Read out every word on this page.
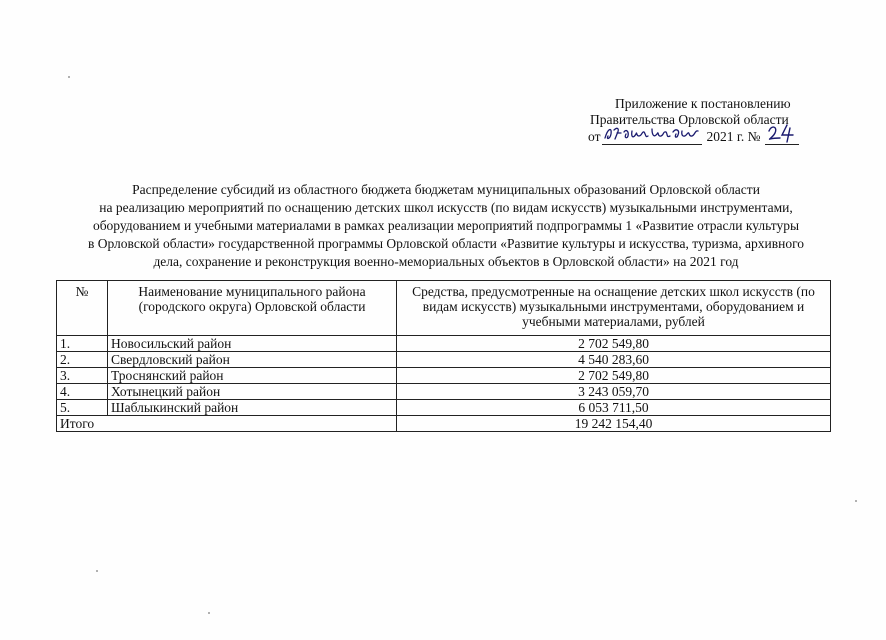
Приложение к постановлению
Правительства Орловской области
от	2021 г. №
Распределение субсидий из областного бюджета бюджетам муниципальных образований Орловской области
на реализацию мероприятий по оснащению детских школ искусств (по видам искусств) музыкальными инструментами,
оборудованием и учебными материалами в рамках реализации мероприятий подпрограммы 1 «Развитие отрасли культуры
в Орловской области» государственной программы Орловской области «Развитие культуры и искусства, туризма, архивного
дела, сохранение и реконструкция военно-мемориальных объектов в Орловской области» на 2021 год
№	Наименование муниципального района (городского округа) Орловской области	Средства, предусмотренные на оснащение детских школ искусств (по видам искусств) музыкальными инструментами, оборудованием и учебными материалами, рублей
1.	Новосильский район	2 702 549,80
2.	Свердловский район	4 540 283,60
3.	Троснянский район	2 702 549,80
4.	Хотынецкий район	3 243 059,70
5.	Шаблыкинский район	6 053 711,50
Итого		19 242 154,40
